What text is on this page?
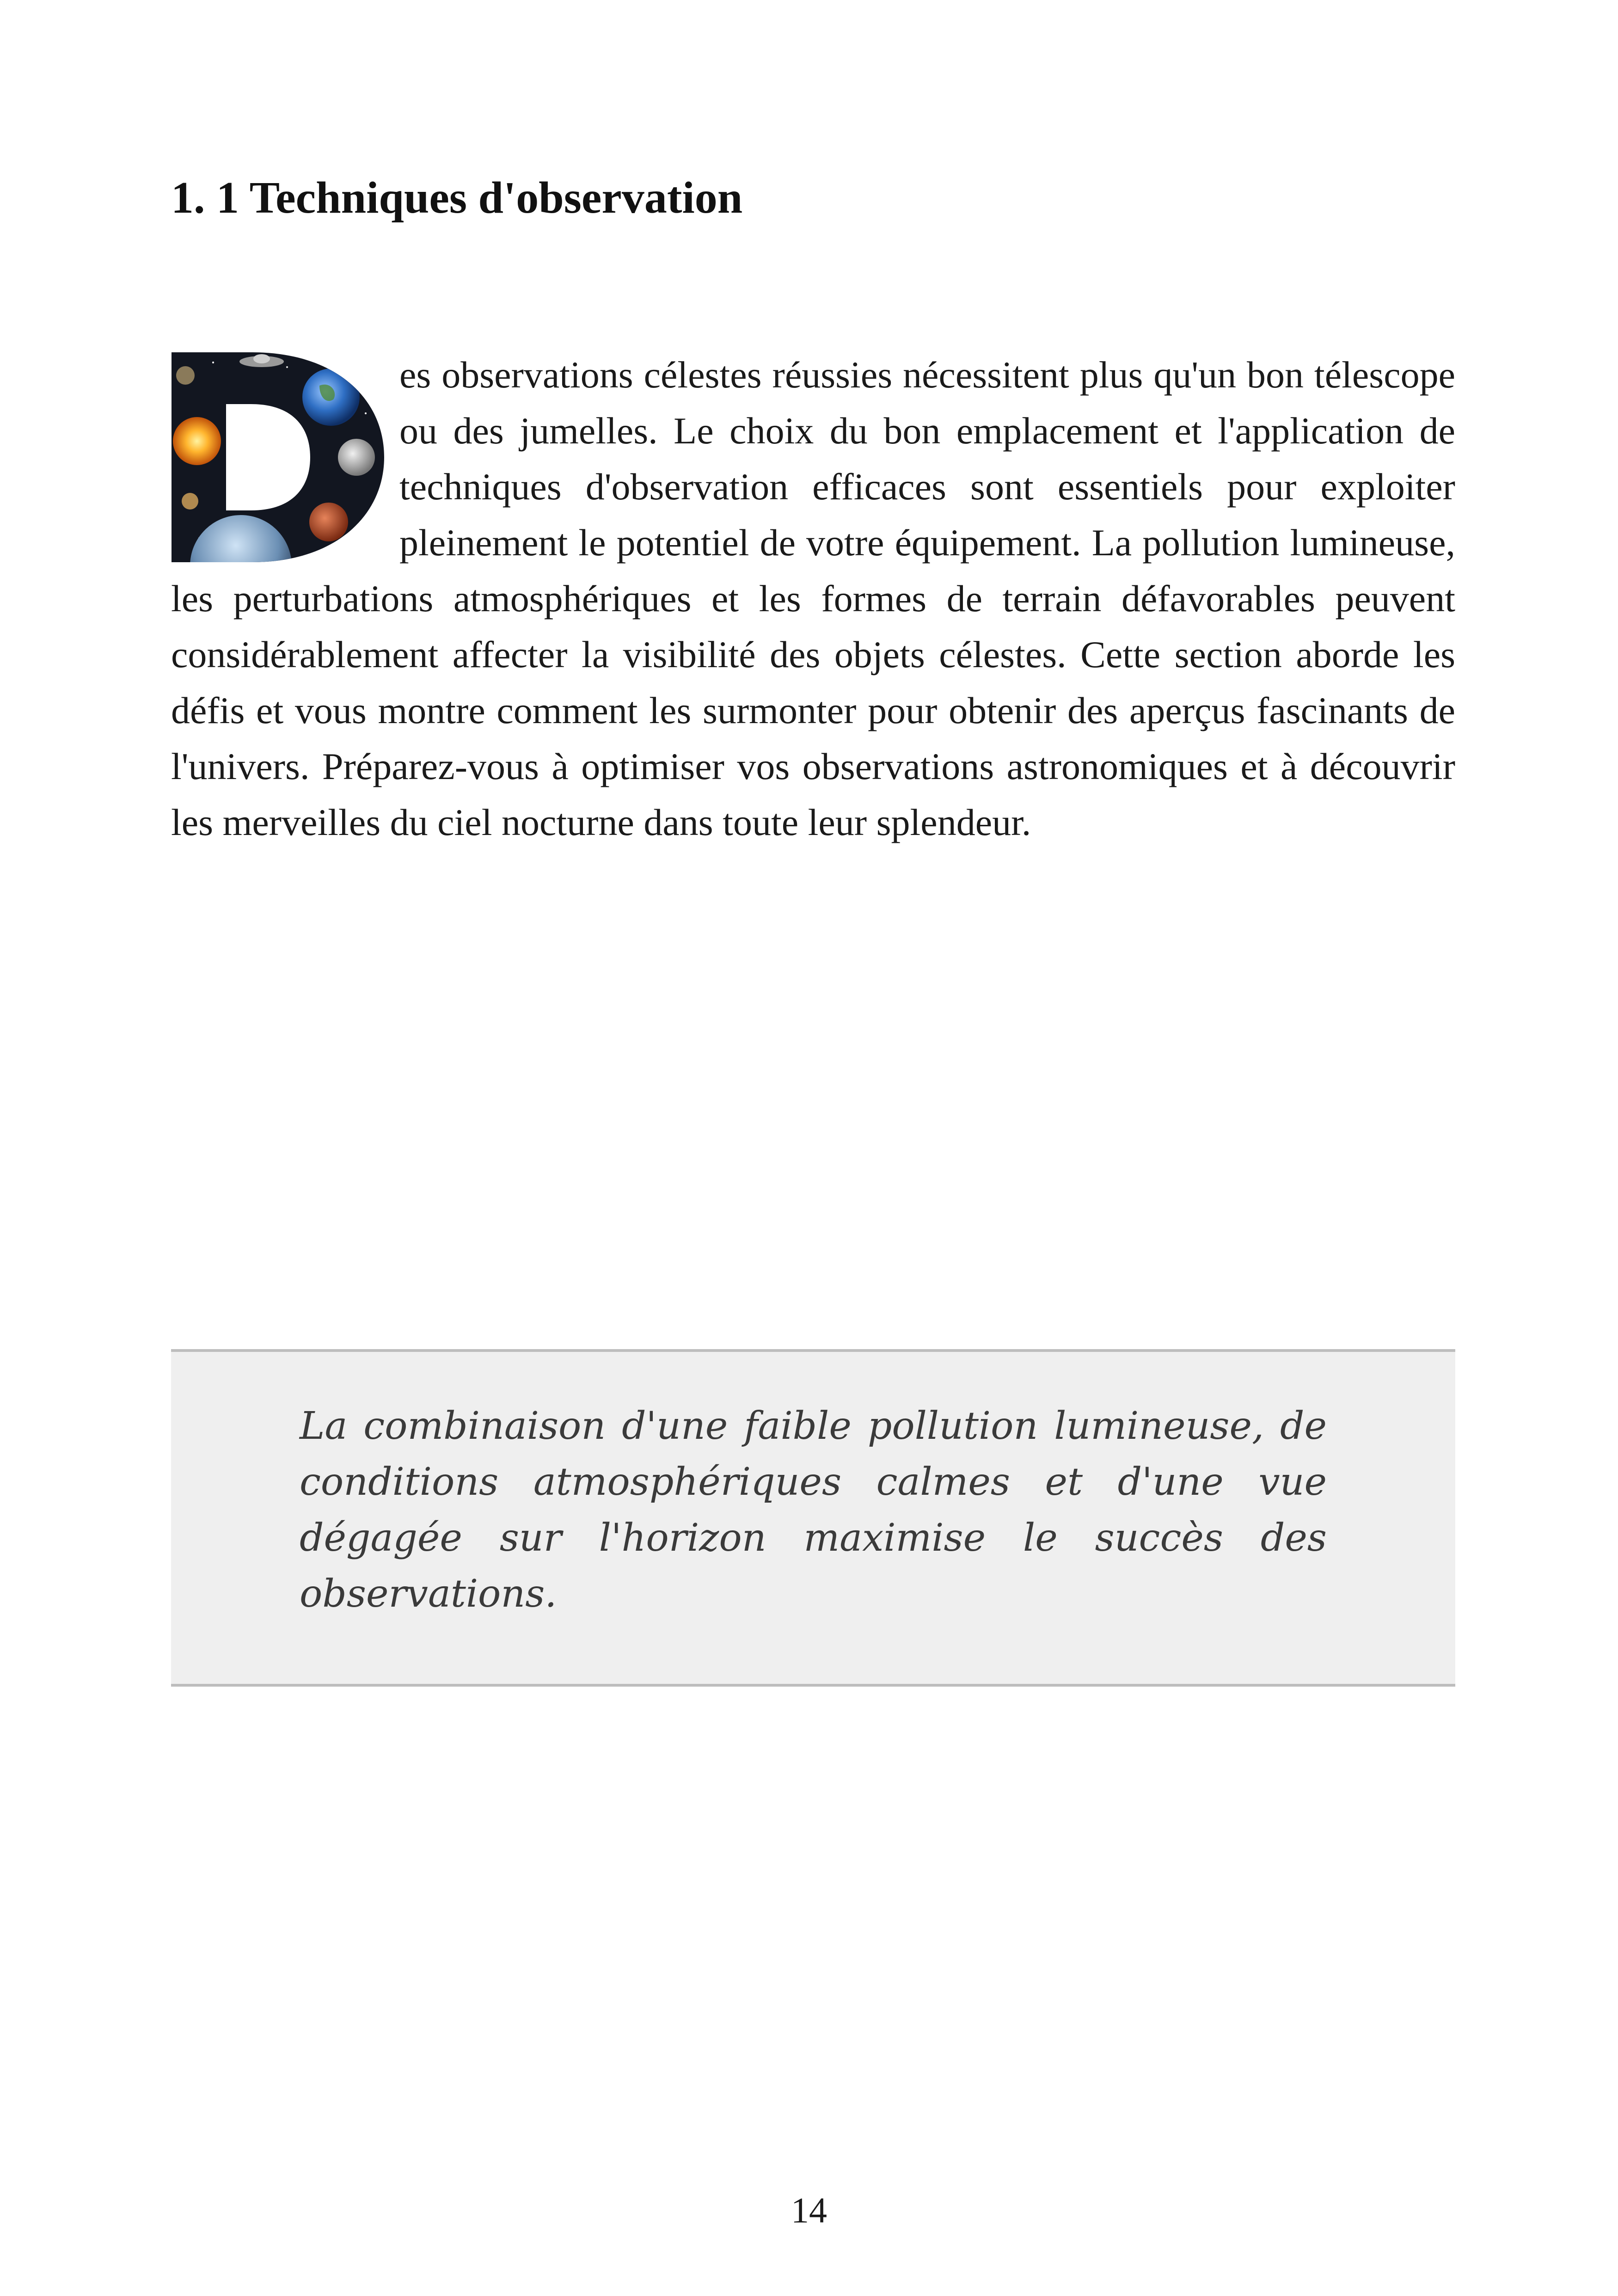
1. 1 Techniques d'observation

es observations célestes réussies nécessitent plus qu'un bon télescope ou des jumelles. Le choix du bon emplacement et l'application de techniques d'observation efficaces sont essentiels pour exploiter pleinement le potentiel de votre équipement. La pollution lumineuse, les perturbations atmosphériques et les formes de terrain défavorables peuvent considérablement affecter la visibilité des objets célestes. Cette section aborde les défis et vous montre comment les surmonter pour obtenir des aperçus fascinants de l'univers. Préparez-vous à optimiser vos observations astronomiques et à découvrir les merveilles du ciel nocturne dans toute leur splendeur.

La combinaison d'une faible pollution lumineuse, de conditions atmosphériques calmes et d'une vue dégagée sur l'horizon maximise le succès des observations.

14
